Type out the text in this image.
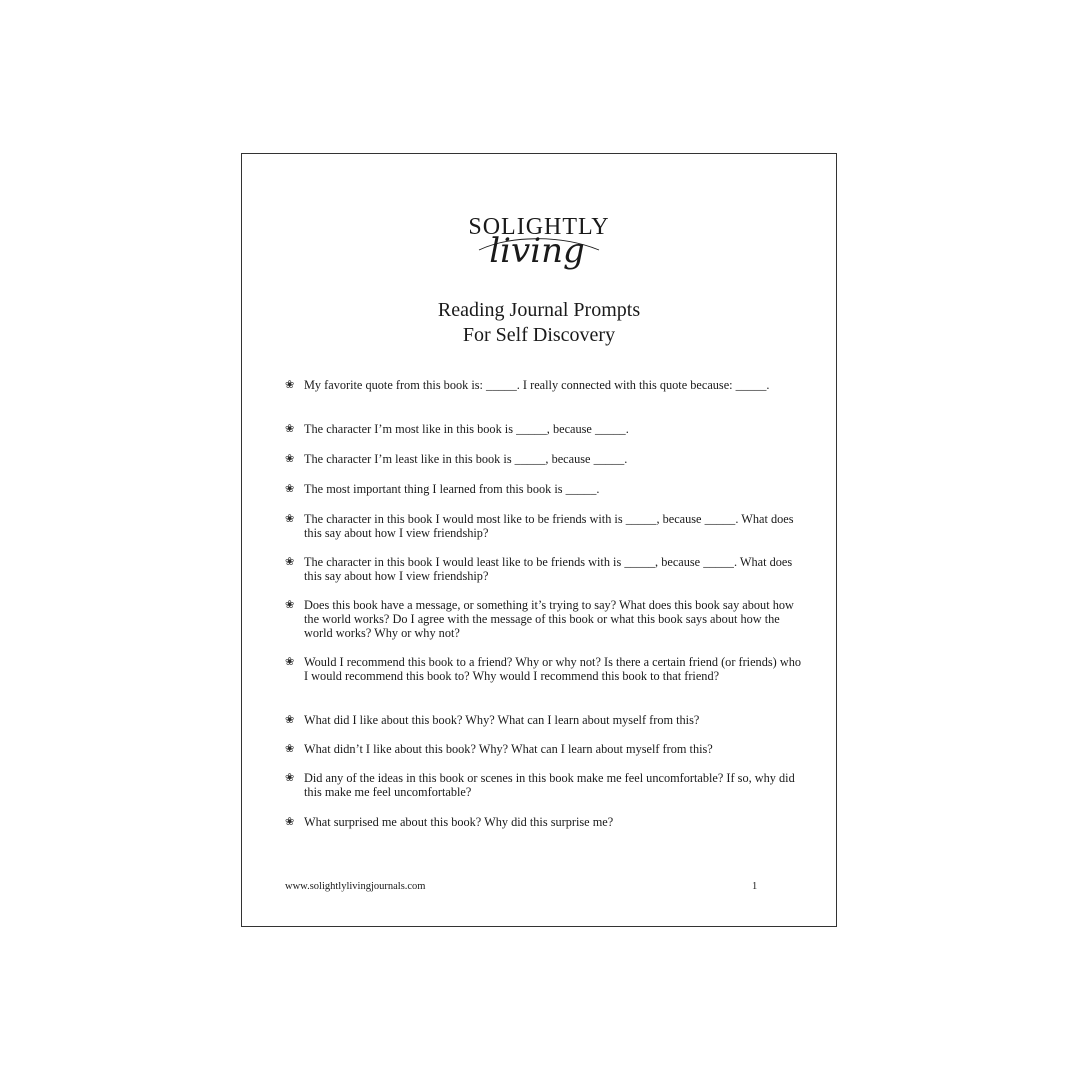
SOLIGHTLY
living
Reading Journal Prompts
For Self Discovery
❀ My favorite quote from this book is: _____. I really connected with this quote because: _____.
❀ The character I’m most like in this book is _____, because _____.
❀ The character I’m least like in this book is _____, because _____.
❀ The most important thing I learned from this book is _____.
❀ The character in this book I would most like to be friends with is _____, because _____. What does this say about how I view friendship?
❀ The character in this book I would least like to be friends with is _____, because _____. What does this say about how I view friendship?
❀ Does this book have a message, or something it’s trying to say? What does this book say about how the world works? Do I agree with the message of this book or what this book says about how the world works? Why or why not?
❀ Would I recommend this book to a friend? Why or why not? Is there a certain friend (or friends) who I would recommend this book to? Why would I recommend this book to that friend?
❀ What did I like about this book? Why? What can I learn about myself from this?
❀ What didn’t I like about this book? Why? What can I learn about myself from this?
❀ Did any of the ideas in this book or scenes in this book make me feel uncomfortable? If so, why did this make me feel uncomfortable?
❀ What surprised me about this book? Why did this surprise me?
www.solightlylivingjournals.com	1
